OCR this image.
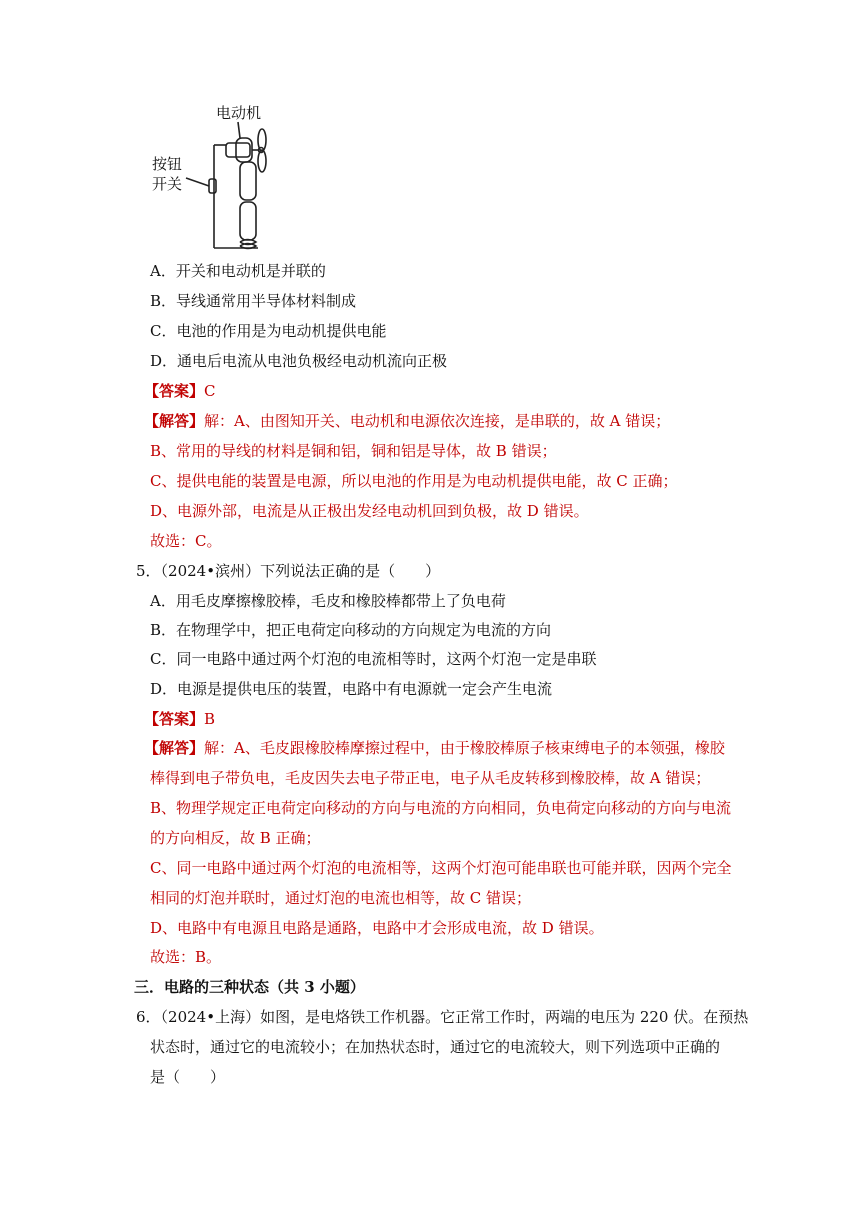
电动机
按钮
开关
A．开关和电动机是并联的
B．导线通常用半导体材料制成
C．电池的作用是为电动机提供电能
D．通电后电流从电池负极经电动机流向正极
【答案】C
【解答】解：A、由图知开关、电动机和电源依次连接，是串联的，故 A 错误；
B、常用的导线的材料是铜和铝，铜和铝是导体，故 B 错误；
C、提供电能的装置是电源，所以电池的作用是为电动机提供电能，故 C 正确；
D、电源外部，电流是从正极出发经电动机回到负极，故 D 错误。
故选：C。
5．（2024•滨州）下列说法正确的是（　　）
A．用毛皮摩擦橡胶棒，毛皮和橡胶棒都带上了负电荷
B．在物理学中，把正电荷定向移动的方向规定为电流的方向
C．同一电路中通过两个灯泡的电流相等时，这两个灯泡一定是串联
D．电源是提供电压的装置，电路中有电源就一定会产生电流
【答案】B
【解答】解：A、毛皮跟橡胶棒摩擦过程中，由于橡胶棒原子核束缚电子的本领强，橡胶
棒得到电子带负电，毛皮因失去电子带正电，电子从毛皮转移到橡胶棒，故 A 错误；
B、物理学规定正电荷定向移动的方向与电流的方向相同，负电荷定向移动的方向与电流
的方向相反，故 B 正确；
C、同一电路中通过两个灯泡的电流相等，这两个灯泡可能串联也可能并联，因两个完全
相同的灯泡并联时，通过灯泡的电流也相等，故 C 错误；
D、电路中有电源且电路是通路，电路中才会形成电流，故 D 错误。
故选：B。
三．电路的三种状态（共 3 小题）
6．（2024•上海）如图，是电烙铁工作机器。它正常工作时，两端的电压为 220 伏。在预热
状态时，通过它的电流较小；在加热状态时，通过它的电流较大，则下列选项中正确的
是（　　）
